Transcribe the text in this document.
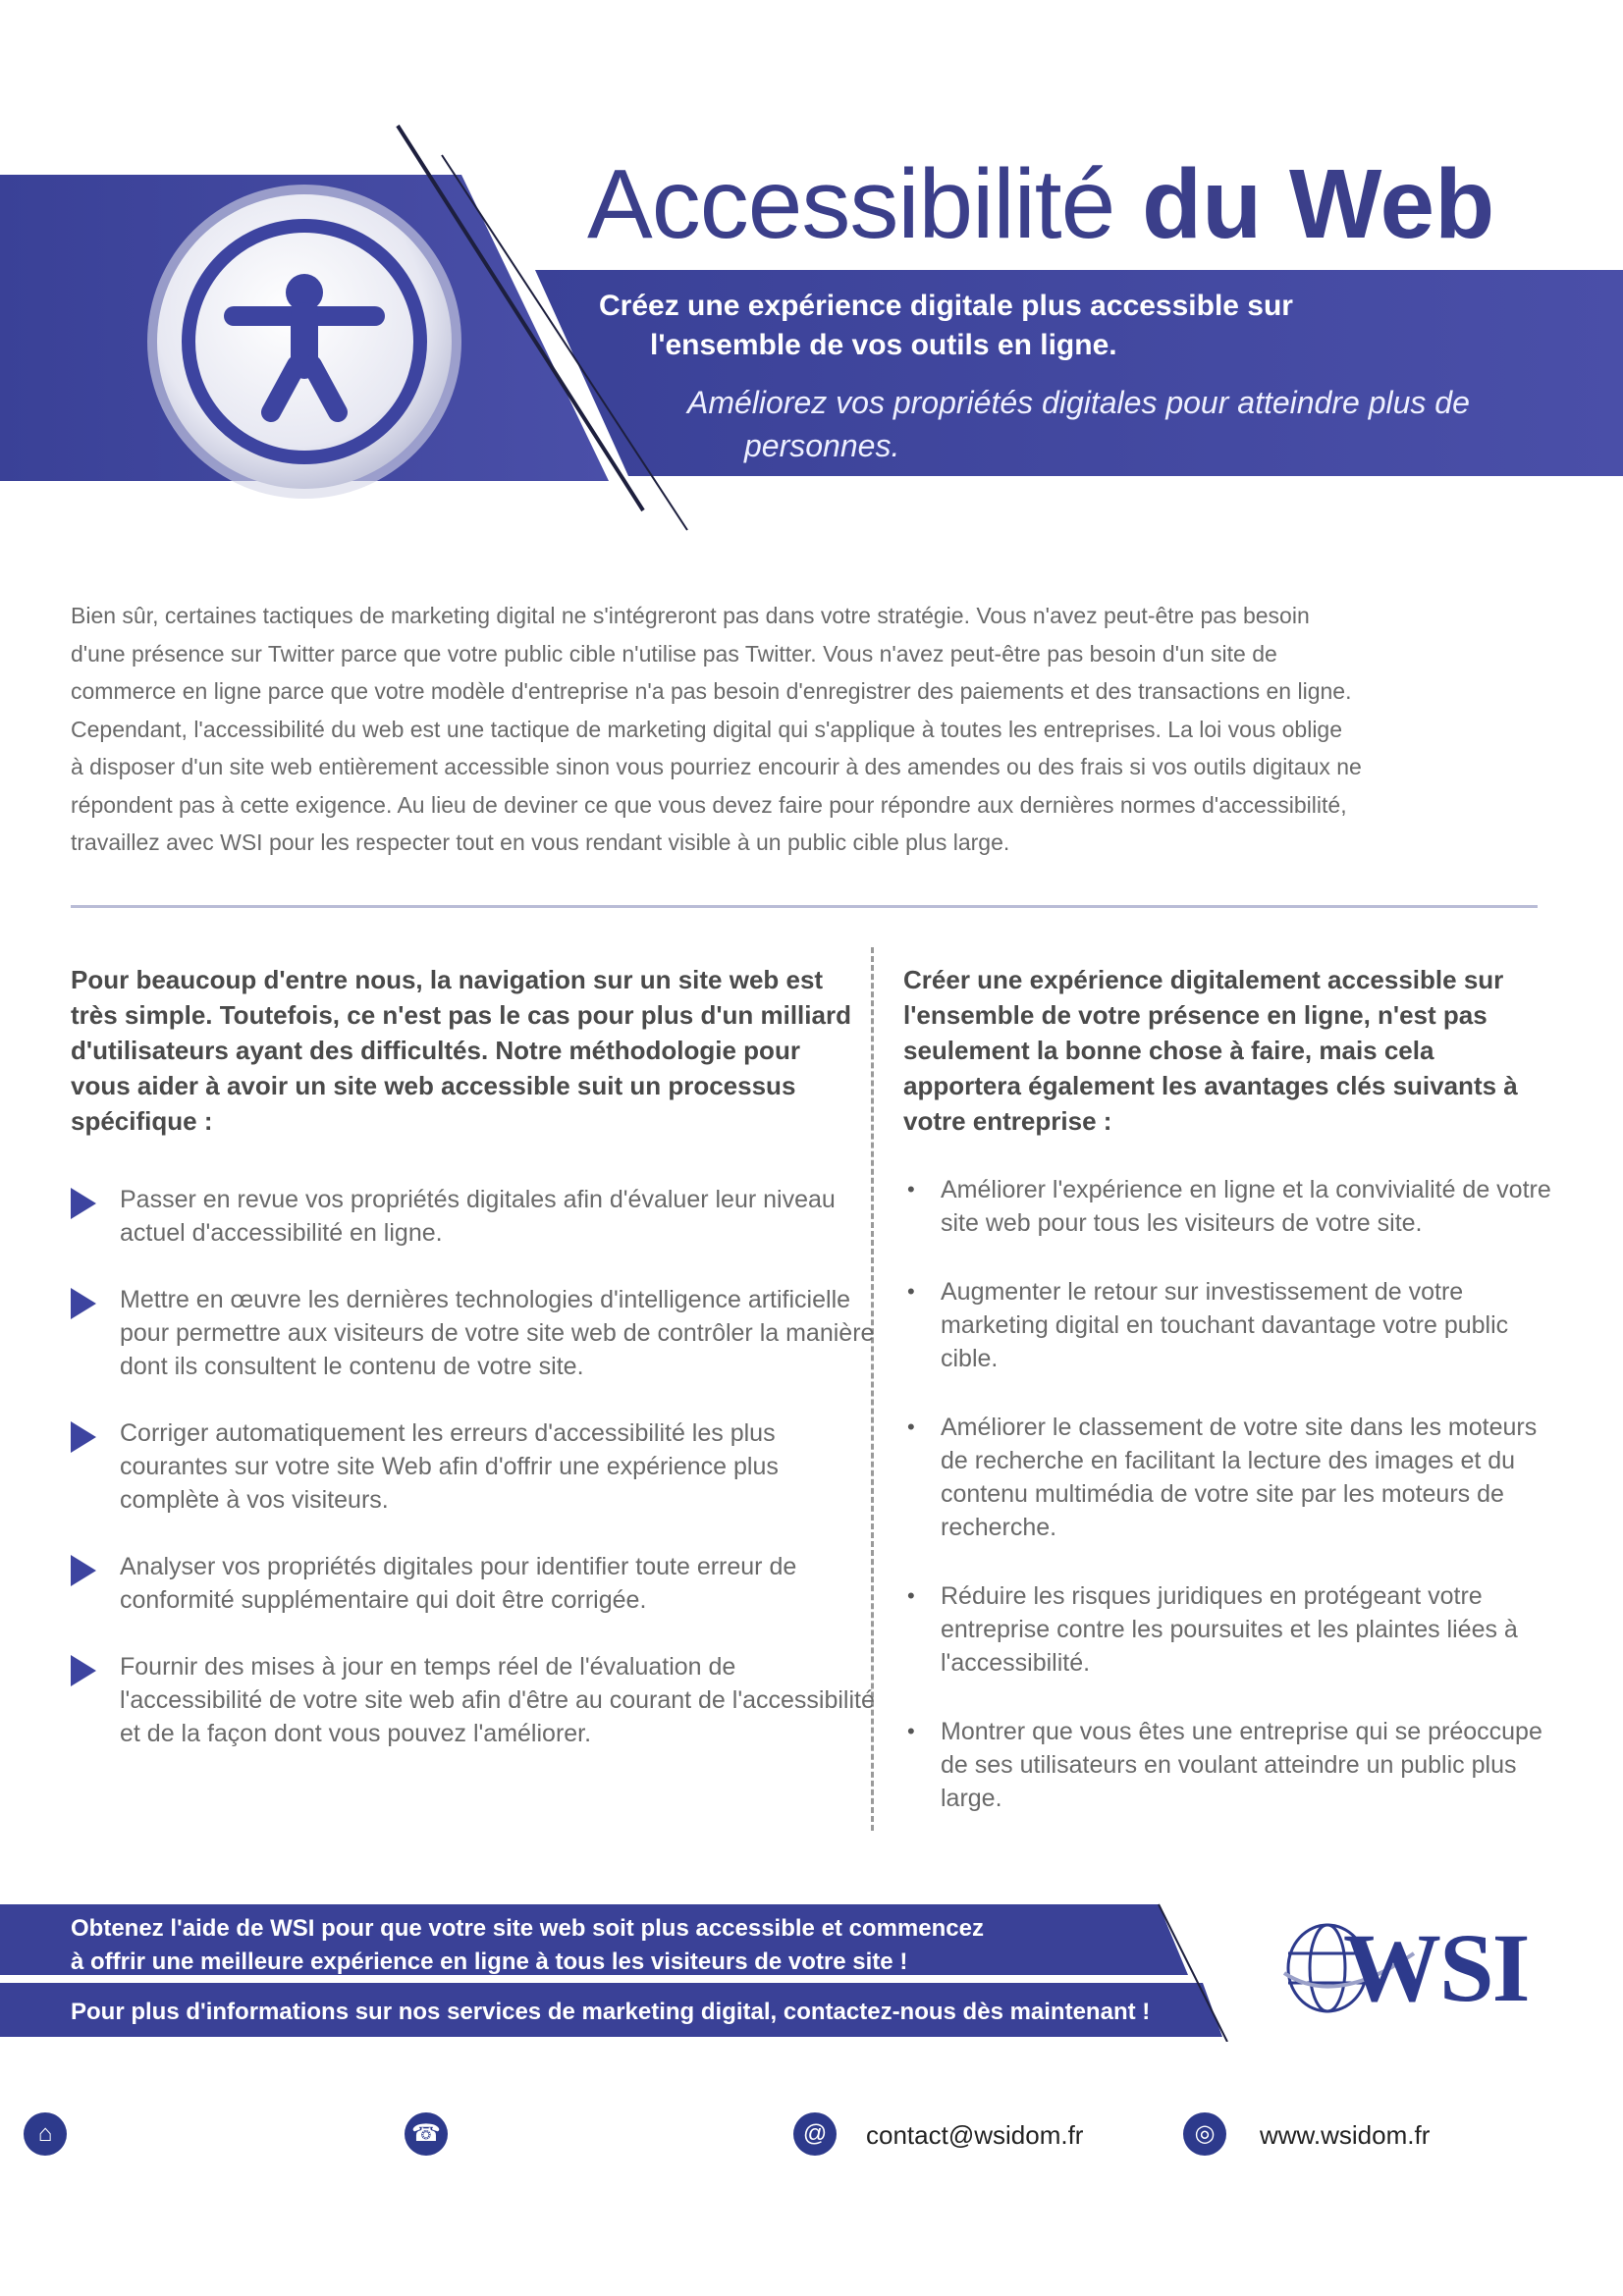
Accessibilité du Web
Créez une expérience digitale plus accessible sur
l'ensemble de vos outils en ligne.
Améliorez vos propriétés digitales pour atteindre plus de
personnes.
Bien sûr, certaines tactiques de marketing digital ne s'intégreront pas dans votre stratégie. Vous n'avez peut-être pas besoin
d'une présence sur Twitter parce que votre public cible n'utilise pas Twitter. Vous n'avez peut-être pas besoin d'un site de
commerce en ligne parce que votre modèle d'entreprise n'a pas besoin d'enregistrer des paiements et des transactions en ligne.
Cependant, l'accessibilité du web est une tactique de marketing digital qui s'applique à toutes les entreprises. La loi vous oblige
à disposer d'un site web entièrement accessible sinon vous pourriez encourir à des amendes ou des frais si vos outils digitaux ne
répondent pas à cette exigence. Au lieu de deviner ce que vous devez faire pour répondre aux dernières normes d'accessibilité,
travaillez avec WSI pour les respecter tout en vous rendant visible à un public cible plus large.
Pour beaucoup d'entre nous, la navigation sur un site web est très simple. Toutefois, ce n'est pas le cas pour plus d'un milliard d'utilisateurs ayant des difficultés. Notre méthodologie pour vous aider à avoir un site web accessible suit un processus spécifique :
Créer une expérience digitalement accessible sur l'ensemble de votre présence en ligne, n'est pas seulement la bonne chose à faire, mais cela apportera également les avantages clés suivants à votre entreprise :
Passer en revue vos propriétés digitales afin d'évaluer leur niveau actuel d'accessibilité en ligne.
Mettre en œuvre les dernières technologies d'intelligence artificielle pour permettre aux visiteurs de votre site web de contrôler la manière dont ils consultent le contenu de votre site.
Corriger automatiquement les erreurs d'accessibilité les plus courantes sur votre site Web afin d'offrir une expérience plus complète à vos visiteurs.
Analyser vos propriétés digitales pour identifier toute erreur de conformité supplémentaire qui doit être corrigée.
Fournir des mises à jour en temps réel de l'évaluation de l'accessibilité de votre site web afin d'être au courant de l'accessibilité et de la façon dont vous pouvez l'améliorer.
• Améliorer l'expérience en ligne et la convivialité de votre site web pour tous les visiteurs de votre site.
• Augmenter le retour sur investissement de votre marketing digital en touchant davantage votre public cible.
• Améliorer le classement de votre site dans les moteurs de recherche en facilitant la lecture des images et du contenu multimédia de votre site par les moteurs de recherche.
• Réduire les risques juridiques en protégeant votre entreprise contre les poursuites et les plaintes liées à l'accessibilité.
• Montrer que vous êtes une entreprise qui se préoccupe de ses utilisateurs en voulant atteindre un public plus large.
Obtenez l'aide de WSI pour que votre site web soit plus accessible et commencez
à offrir une meilleure expérience en ligne à tous les visiteurs de votre site !
Pour plus d'informations sur nos services de marketing digital, contactez-nous dès maintenant !	WSI
⌂	☎	@	contact@wsidom.fr	◎	www.wsidom.fr
